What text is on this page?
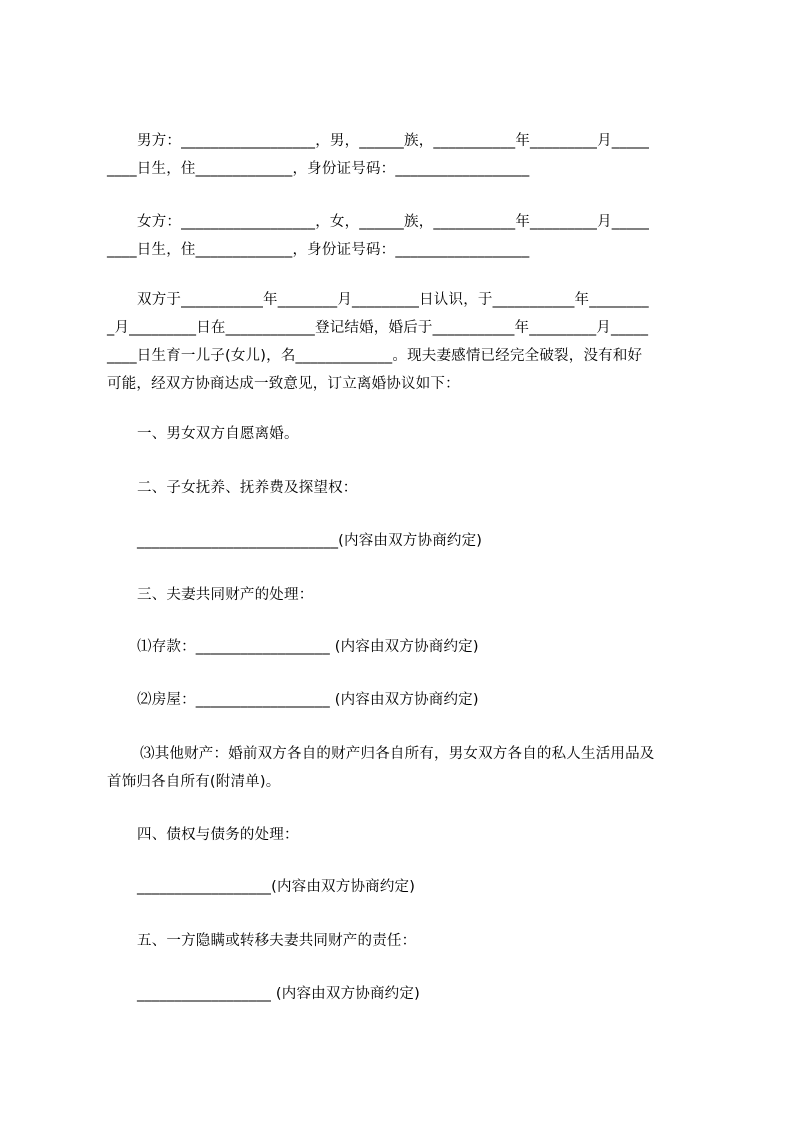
男方：__________________，男，______族，___________年_________月_____
____日生，住_____________，身份证号码：__________________
女方：__________________，女，______族，___________年_________月_____
____日生，住_____________，身份证号码：__________________
双方于___________年________月_________日认识，于___________年________
_月_________日在____________登记结婚，婚后于___________年_________月_____
____日生育一儿子(女儿)，名_____________。现夫妻感情已经完全破裂，没有和好
可能，经双方协商达成一致意见，订立离婚协议如下：
一、男女双方自愿离婚。
二、子女抚养、抚养费及探望权：
___________________________(内容由双方协商约定)
三、夫妻共同财产的处理：
⑴存款：__________________ (内容由双方协商约定)
⑵房屋：__________________ (内容由双方协商约定)
⑶其他财产：婚前双方各自的财产归各自所有，男女双方各自的私人生活用品及
首饰归各自所有(附清单)。
四、债权与债务的处理：
__________________(内容由双方协商约定)
五、一方隐瞒或转移夫妻共同财产的责任：
__________________ (内容由双方协商约定)
